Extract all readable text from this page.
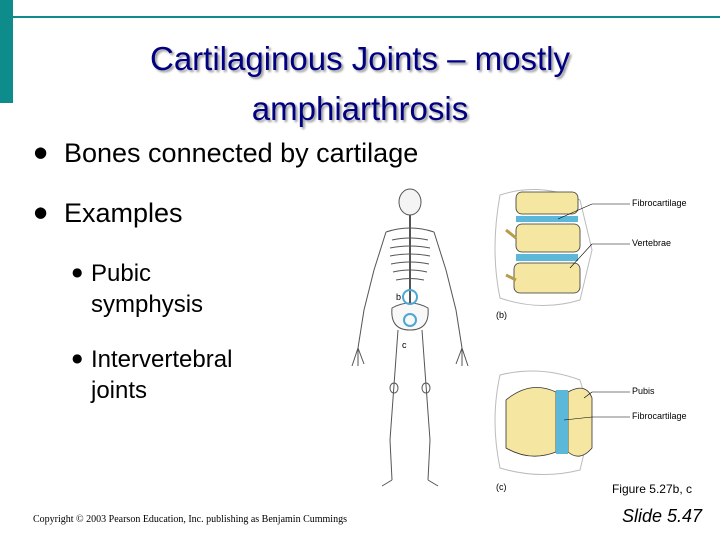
Cartilaginous Joints – mostly
amphiarthrosis
● Bones connected by cartilage
● Examples
● Pubic
symphysis
● Intervertebral
joints
b
c
Fibrocartilage
Vertebrae
(b)
Pubis
Fibrocartilage
(c)	Figure 5.27b, c
Copyright © 2003 Pearson Education, Inc. publishing as Benjamin Cummings	Slide 5.47
